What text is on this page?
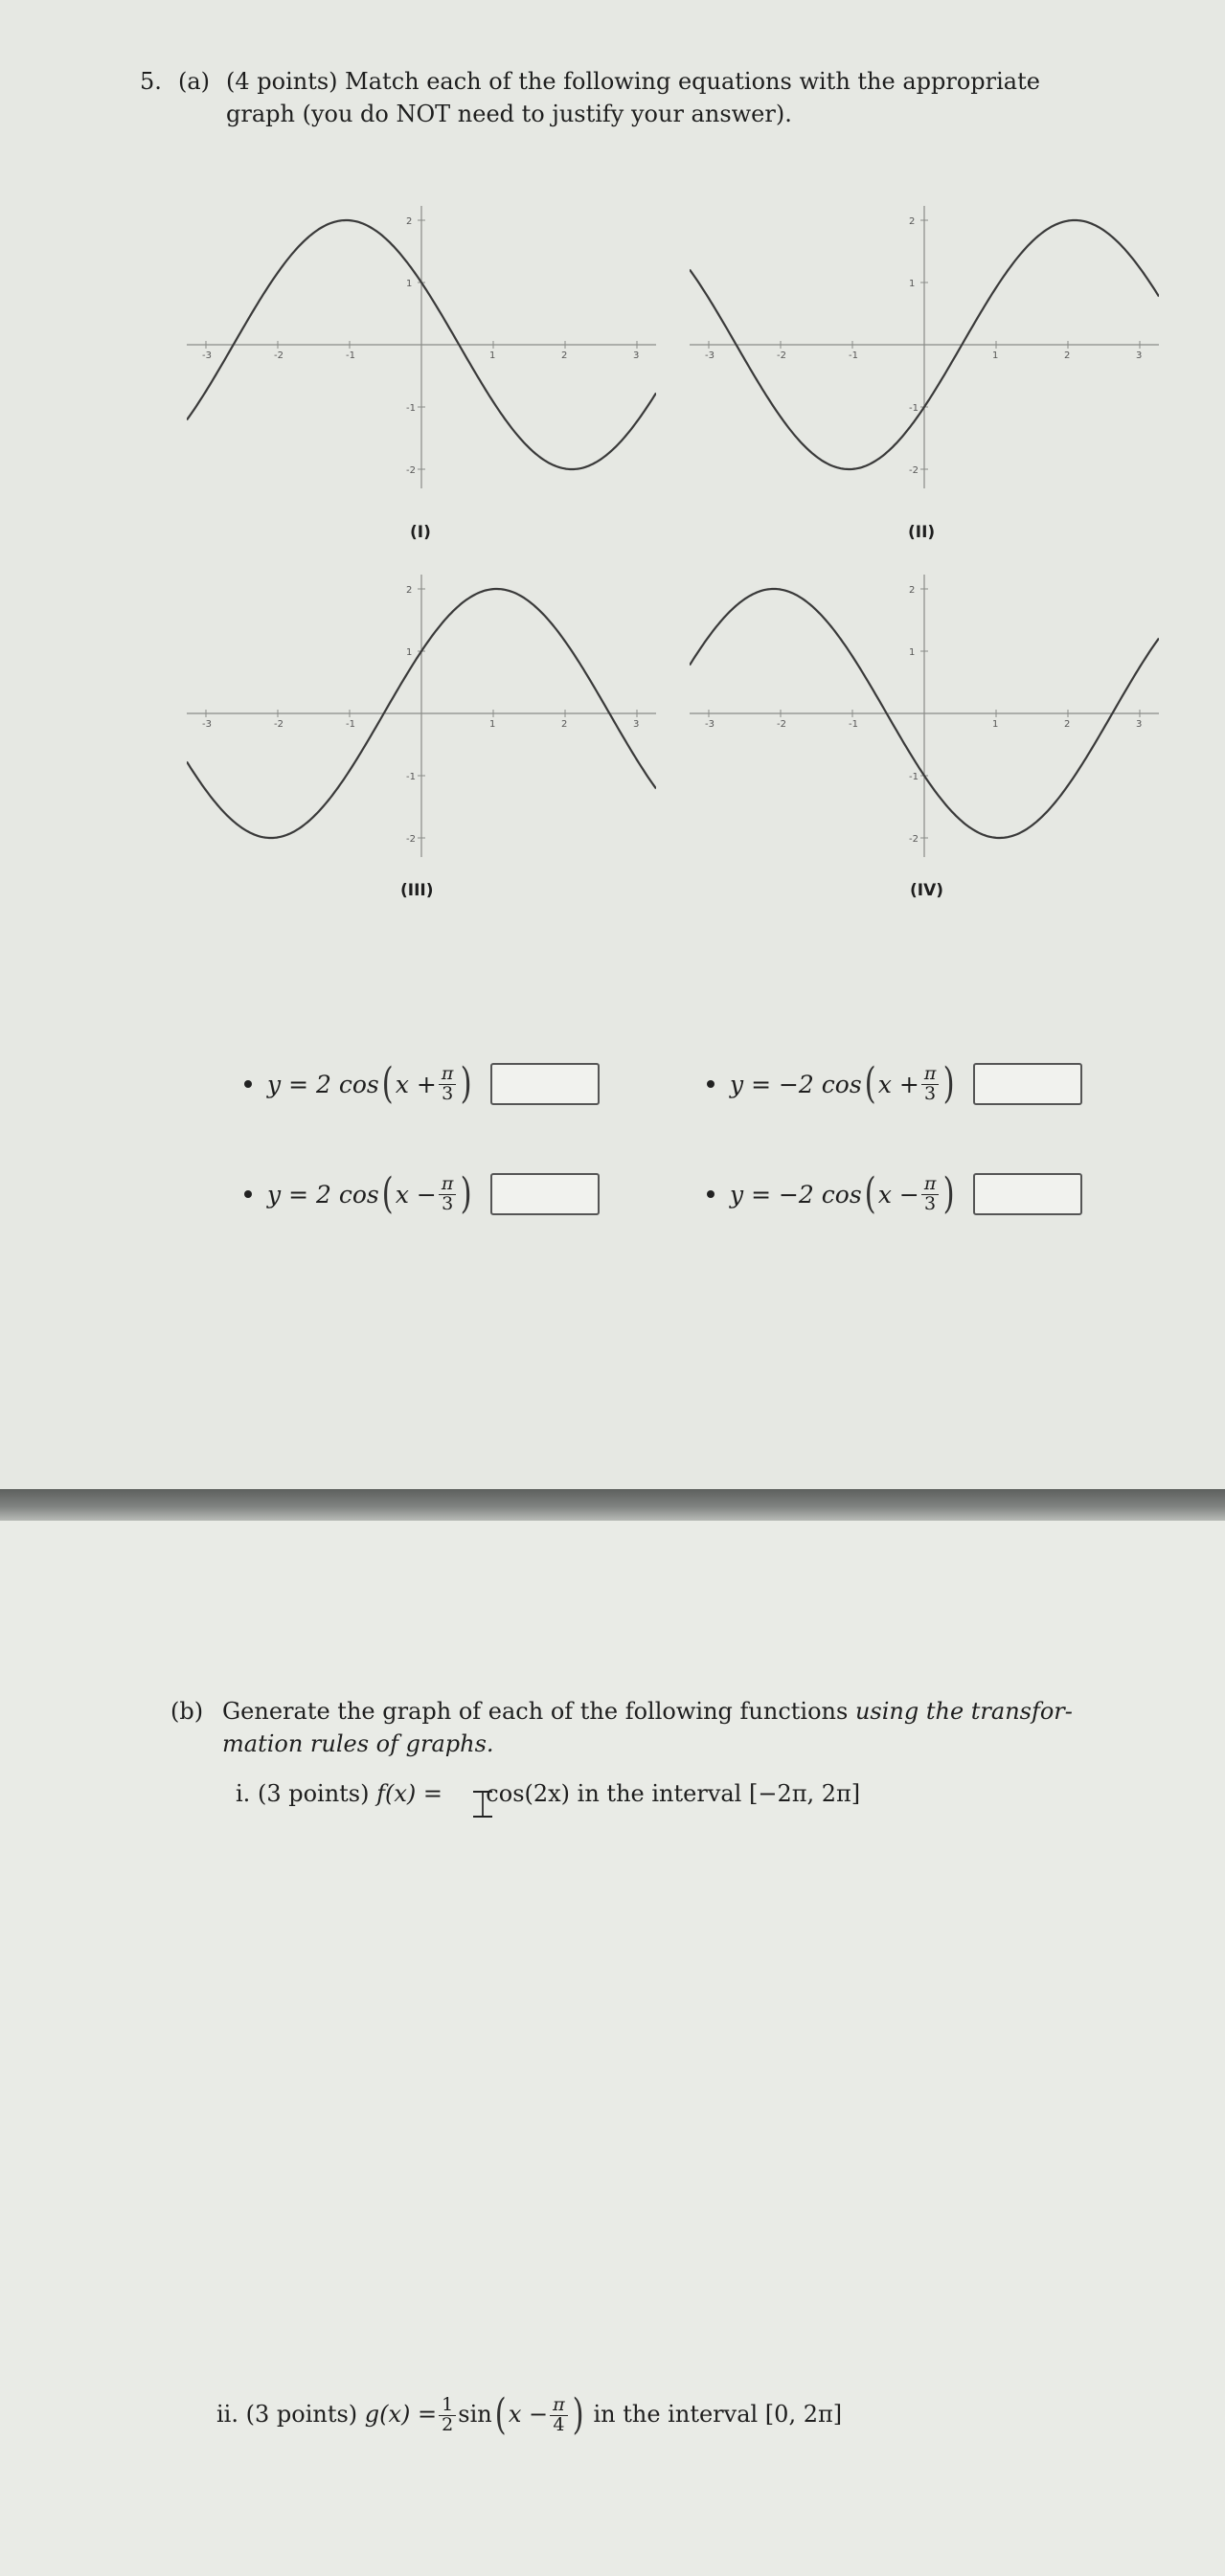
5. (a) (4 points) Match each of the following equations with the appropriate
graph (you do NOT need to justify your answer).
-3	-2	-1	1	2	3
2
1
-1
-2
-3	-2	-1	1	2	3
2
1
-1
-2
-3	-2	-1	1	2	3
2
1
-1
-2
-3	-2	-1	1	2	3
2
1
-1
-2
(I)	(II)
(III)	(IV)
y = 2 cos ( $x + \frac{\pi}{3}$ )	y = −2 cos ( $x + \frac{\pi}{3}$ )
y = 2 cos ( $x - \frac{\pi}{3}$ )	y = −2 cos ( $x - \frac{\pi}{3}$ )
(b) Generate the graph of each of the following functions using the transfor-
mation rules of graphs.
i. (3 points) f(x) = cos(2x) in the interval [−2π, 2π]
⌶
ii.
(3 points)
$g(x) = \frac{1}{2}$ sin ( $x - \frac{\pi}{4}$ )
in the interval [0, 2π]
